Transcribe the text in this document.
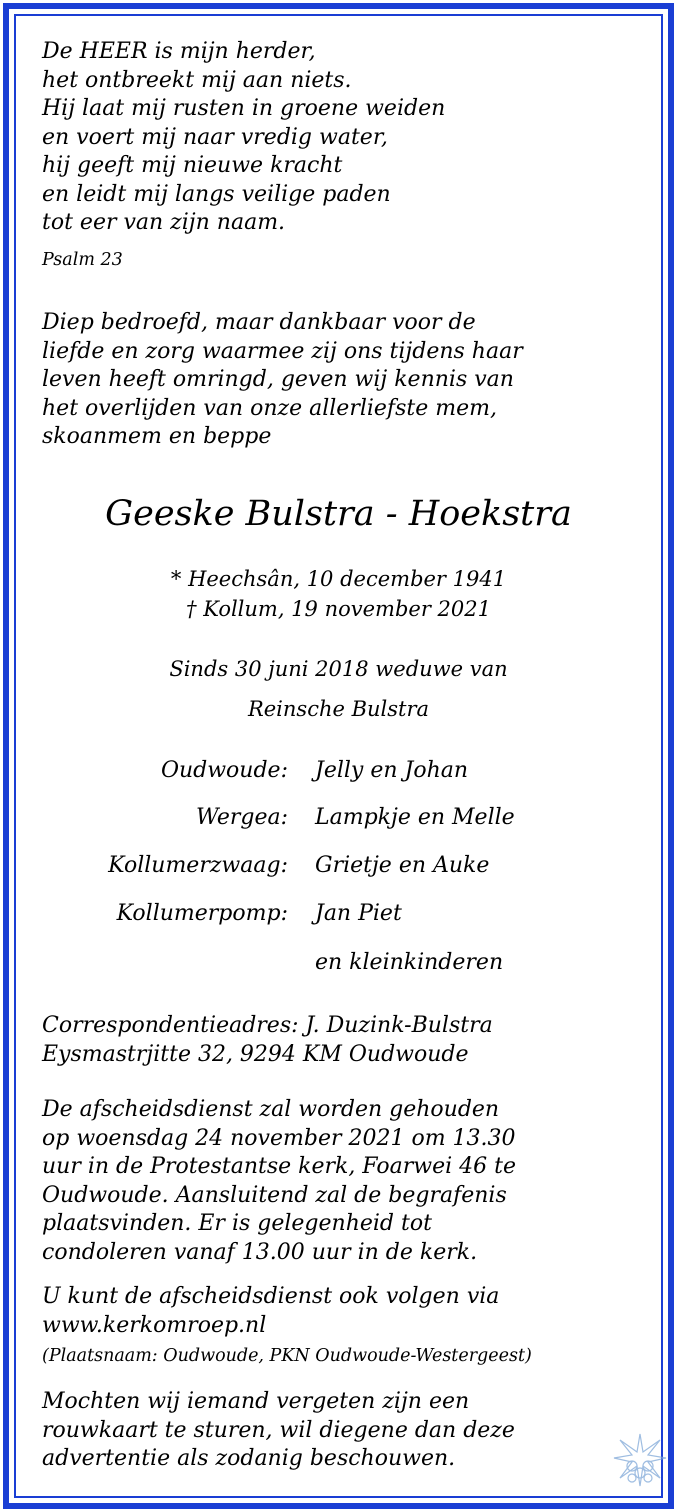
De HEER is mijn herder,
het ontbreekt mij aan niets.
Hij laat mij rusten in groene weiden
en voert mij naar vredig water,
hij geeft mij nieuwe kracht
en leidt mij langs veilige paden
tot eer van zijn naam.
Psalm 23
Diep bedroefd, maar dankbaar voor de
liefde en zorg waarmee zij ons tijdens haar
leven heeft omringd, geven wij kennis van
het overlijden van onze allerliefste mem,
skoanmem en beppe
Geeske Bulstra - Hoekstra
* Heechsân, 10 december 1941
† Kollum, 19 november 2021
Sinds 30 juni 2018 weduwe van
Reinsche Bulstra
Oudwoude: Jelly en Johan
Wergea: Lampkje en Melle
Kollumerzwaag: Grietje en Auke
Kollumerpomp: Jan Piet
en kleinkinderen
Correspondentieadres: J. Duzink-Bulstra
Eysmastrjitte 32, 9294 KM Oudwoude
De afscheidsdienst zal worden gehouden
op woensdag 24 november 2021 om 13.30
uur in de Protestantse kerk, Foarwei 46 te
Oudwoude. Aansluitend zal de begrafenis
plaatsvinden. Er is gelegenheid tot
condoleren vanaf 13.00 uur in de kerk.
U kunt de afscheidsdienst ook volgen via
www.kerkomroep.nl
(Plaatsnaam: Oudwoude, PKN Oudwoude-Westergeest)
Mochten wij iemand vergeten zijn een
rouwkaart te sturen, wil diegene dan deze
advertentie als zodanig beschouwen.
